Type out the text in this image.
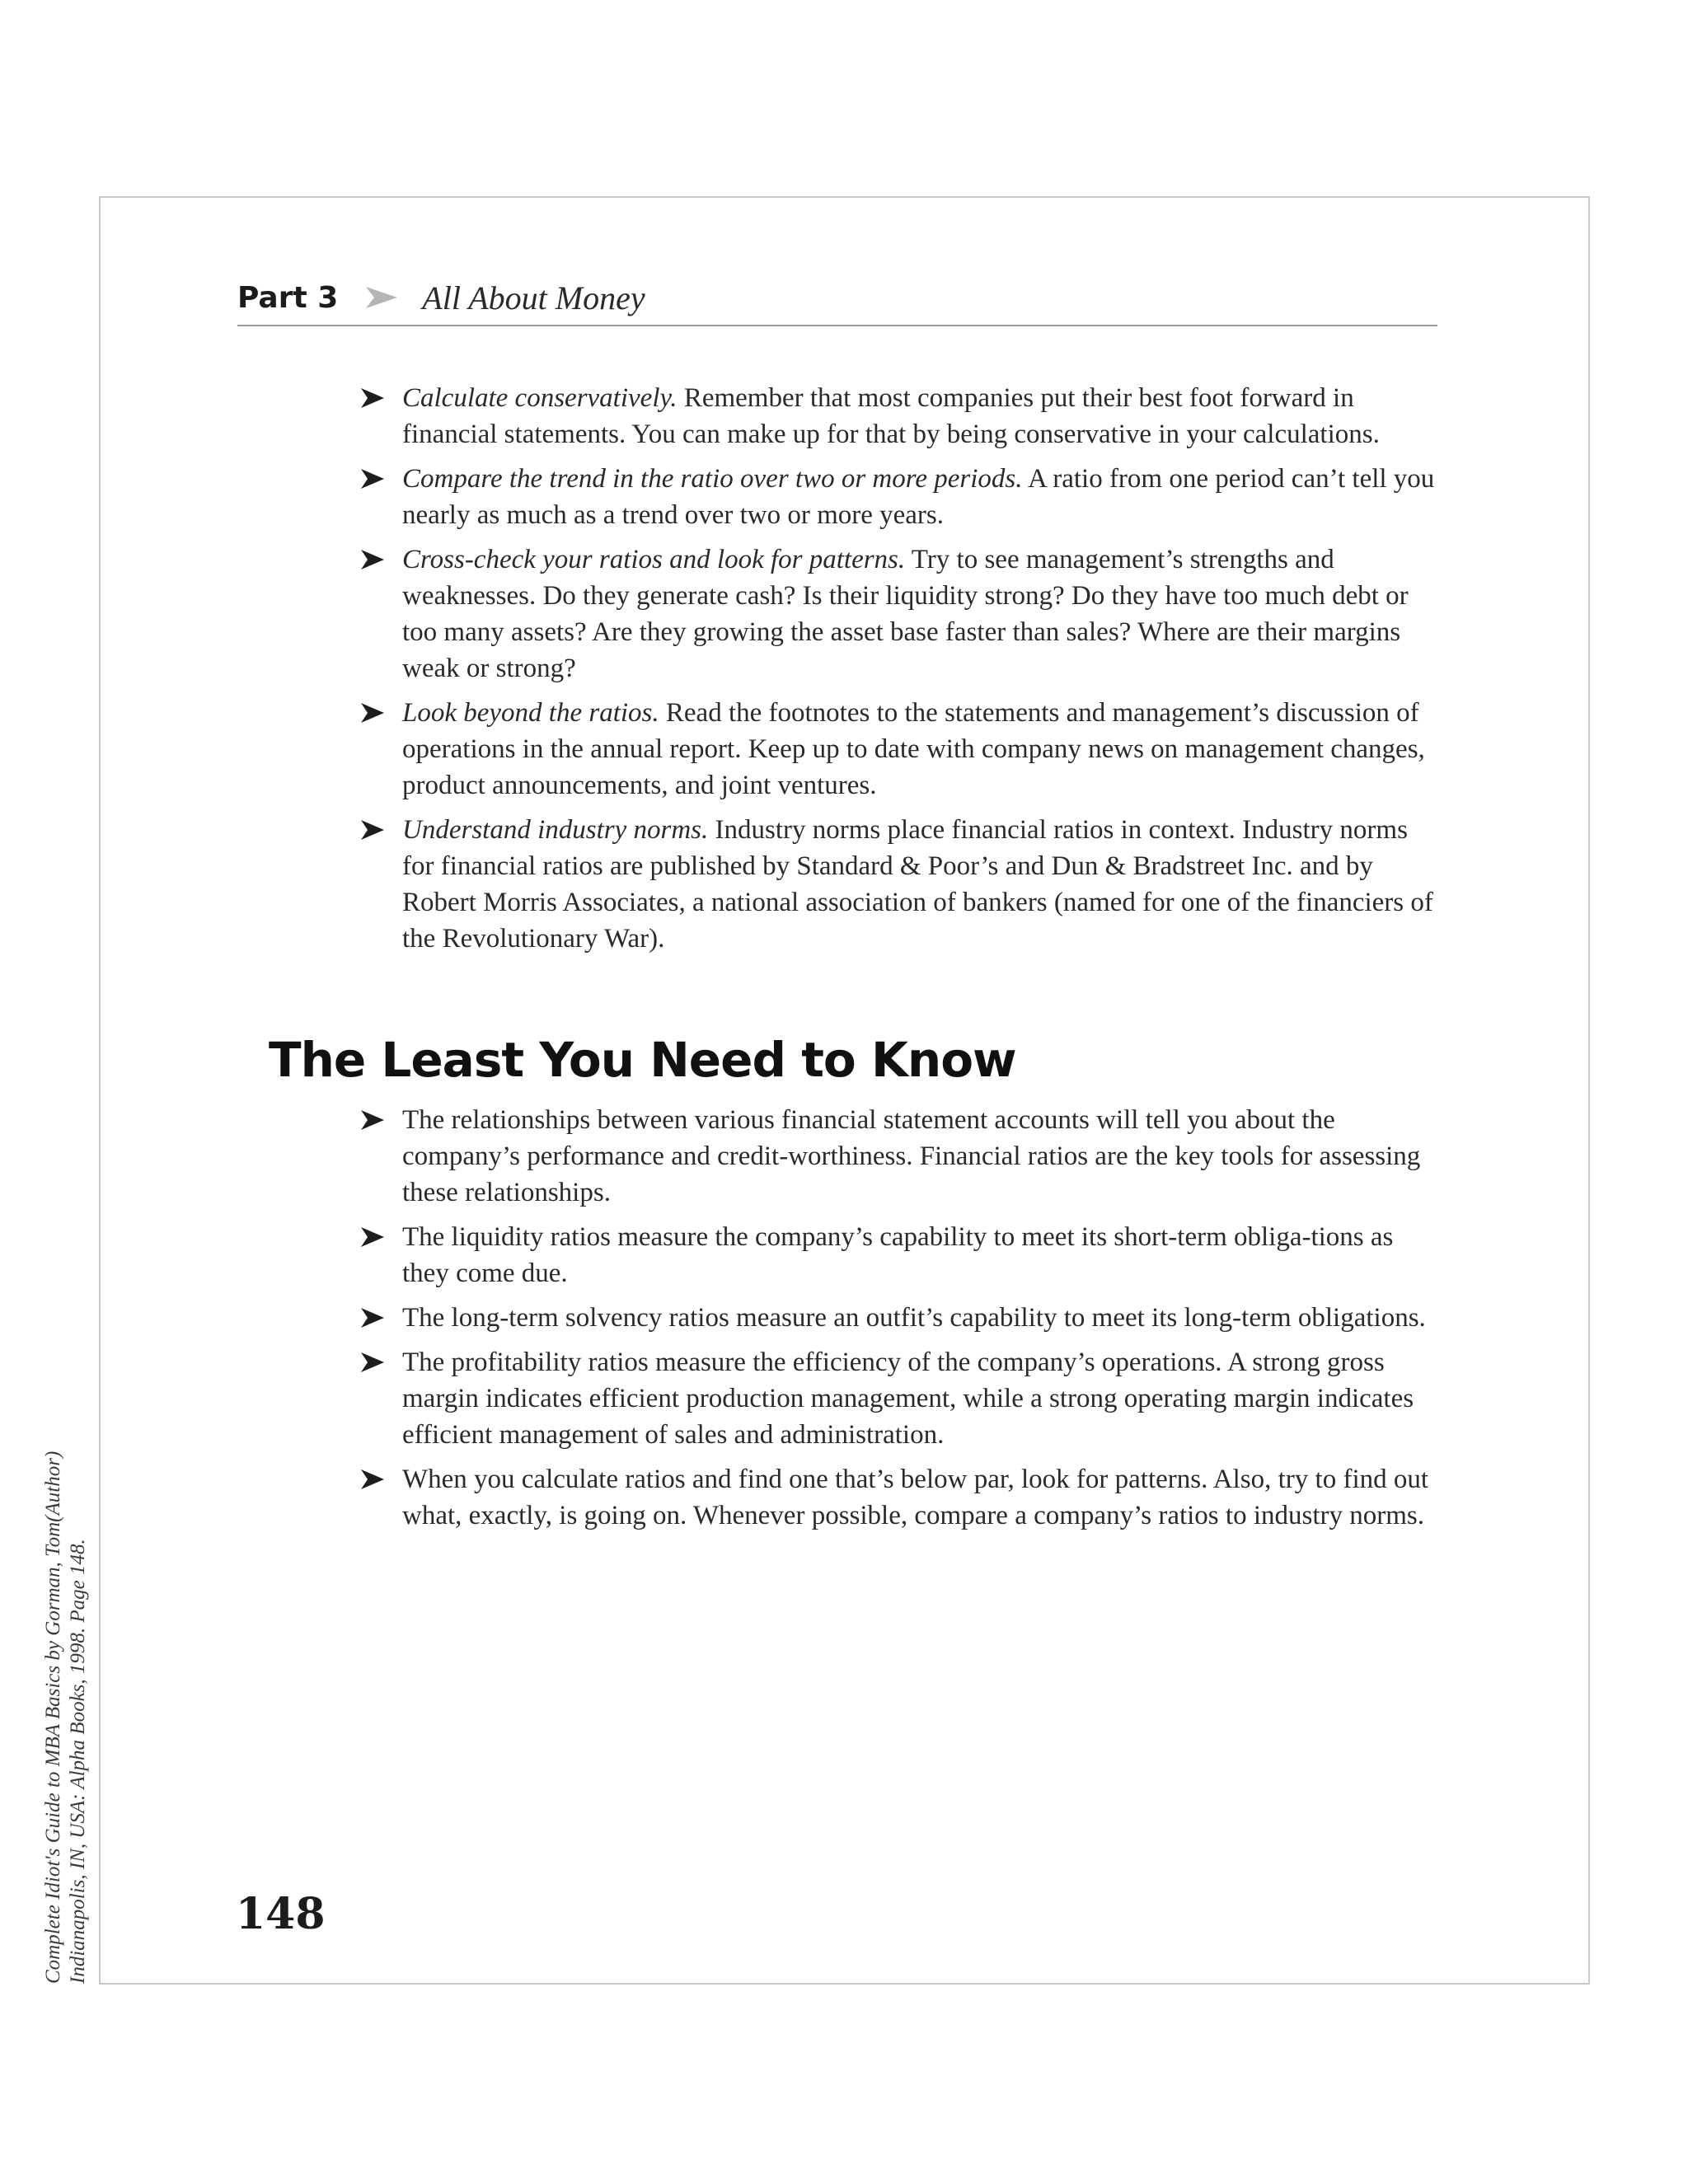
Part 3	All About Money
Calculate conservatively. Remember that most companies put their best foot forward in financial statements. You can make up for that by being conservative in your calculations.
Compare the trend in the ratio over two or more periods. A ratio from one period can’t tell you nearly as much as a trend over two or more years.
Cross-check your ratios and look for patterns. Try to see management’s strengths and weaknesses. Do they generate cash? Is their liquidity strong? Do they have too much debt or too many assets? Are they growing the asset base faster than sales? Where are their margins weak or strong?
Look beyond the ratios. Read the footnotes to the statements and management’s discussion of operations in the annual report. Keep up to date with company news on management changes, product announcements, and joint ventures.
Understand industry norms. Industry norms place financial ratios in context. Industry norms for financial ratios are published by Standard & Poor’s and Dun & Bradstreet Inc. and by Robert Morris Associates, a national association of bankers (named for one of the financiers of the Revolutionary War).
The Least You Need to Know
The relationships between various financial statement accounts will tell you about the company’s performance and credit-worthiness. Financial ratios are the key tools for assessing these relationships.
The liquidity ratios measure the company’s capability to meet its short-term obliga-tions as they come due.
The long-term solvency ratios measure an outfit’s capability to meet its long-term obligations.
The profitability ratios measure the efficiency of the company’s operations. A strong gross margin indicates efficient production management, while a strong operating margin indicates efficient management of sales and administration.
When you calculate ratios and find one that’s below par, look for patterns. Also, try to find out what, exactly, is going on. Whenever possible, compare a company’s ratios to industry norms.
148
Complete Idiot's Guide to MBA Basics by Gorman, Tom(Author) Indianapolis, IN, USA: Alpha Books, 1998. Page 148.
